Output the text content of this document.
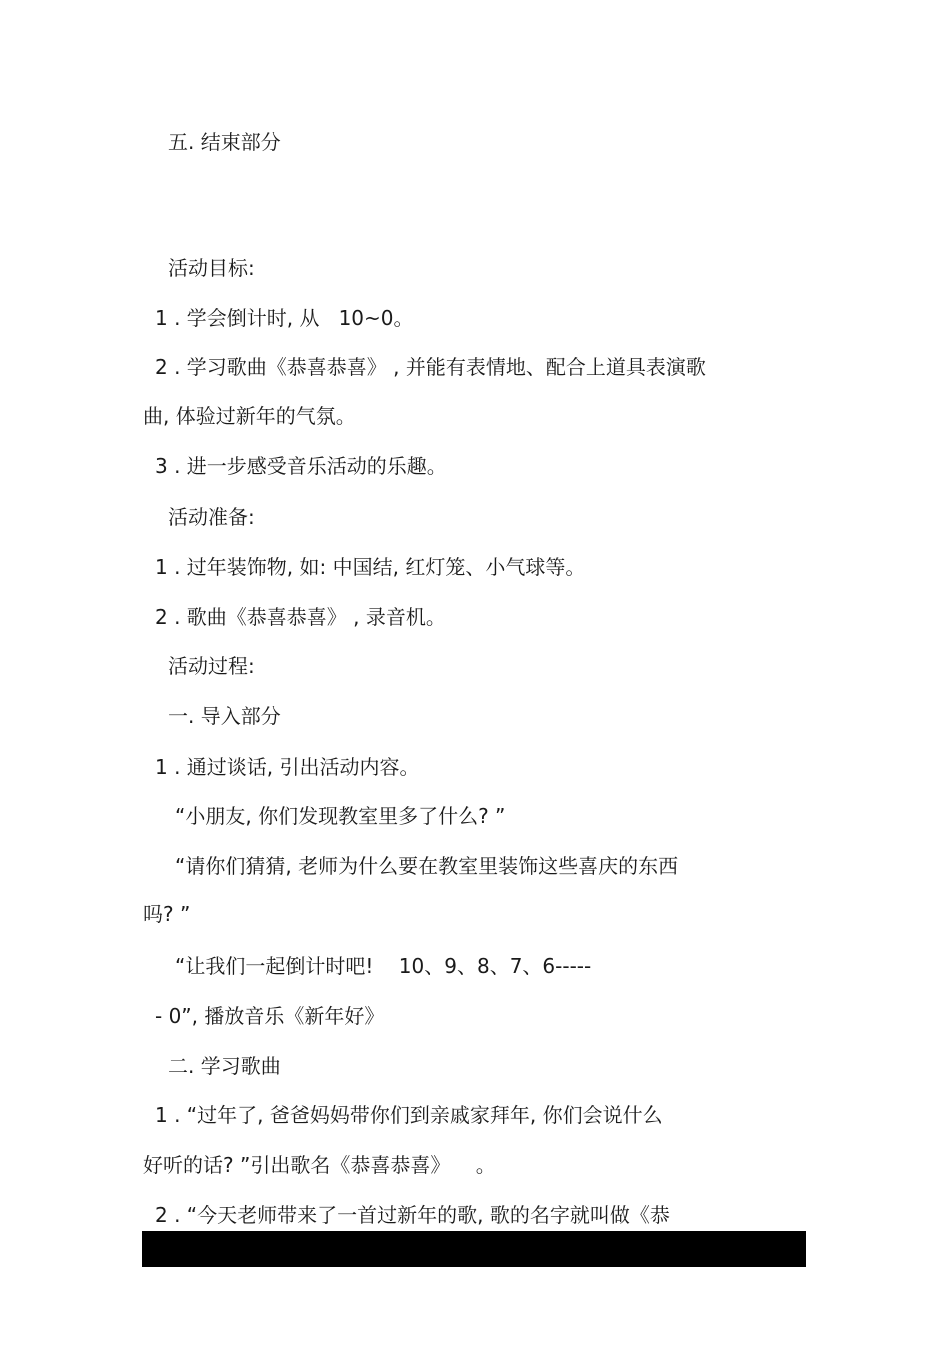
五. 结束部分

活动目标:

1 . 学会倒计时, 从   10~0。

2 . 学习歌曲《恭喜恭喜》 , 并能有表情地、配合上道具表演歌

曲, 体验过新年的气氛。

3 . 进一步感受音乐活动的乐趣。

活动准备:

1 . 过年装饰物, 如: 中国结, 红灯笼、小气球等。

2 . 歌曲《恭喜恭喜》 , 录音机。

活动过程:

一. 导入部分

1 . 通过谈话, 引出活动内容。

“小朋友, 你们发现教室里多了什么? ”

“请你们猜猜, 老师为什么要在教室里装饰这些喜庆的东西

吗? ”

“让我们一起倒计时吧!    10、9、8、7、6-----

- 0”, 播放音乐《新年好》

二. 学习歌曲

1 . “过年了, 爸爸妈妈带你们到亲戚家拜年, 你们会说什么

好听的话? ”引出歌名《恭喜恭喜》    。

2 . “今天老师带来了一首过新年的歌, 歌的名字就叫做《恭
